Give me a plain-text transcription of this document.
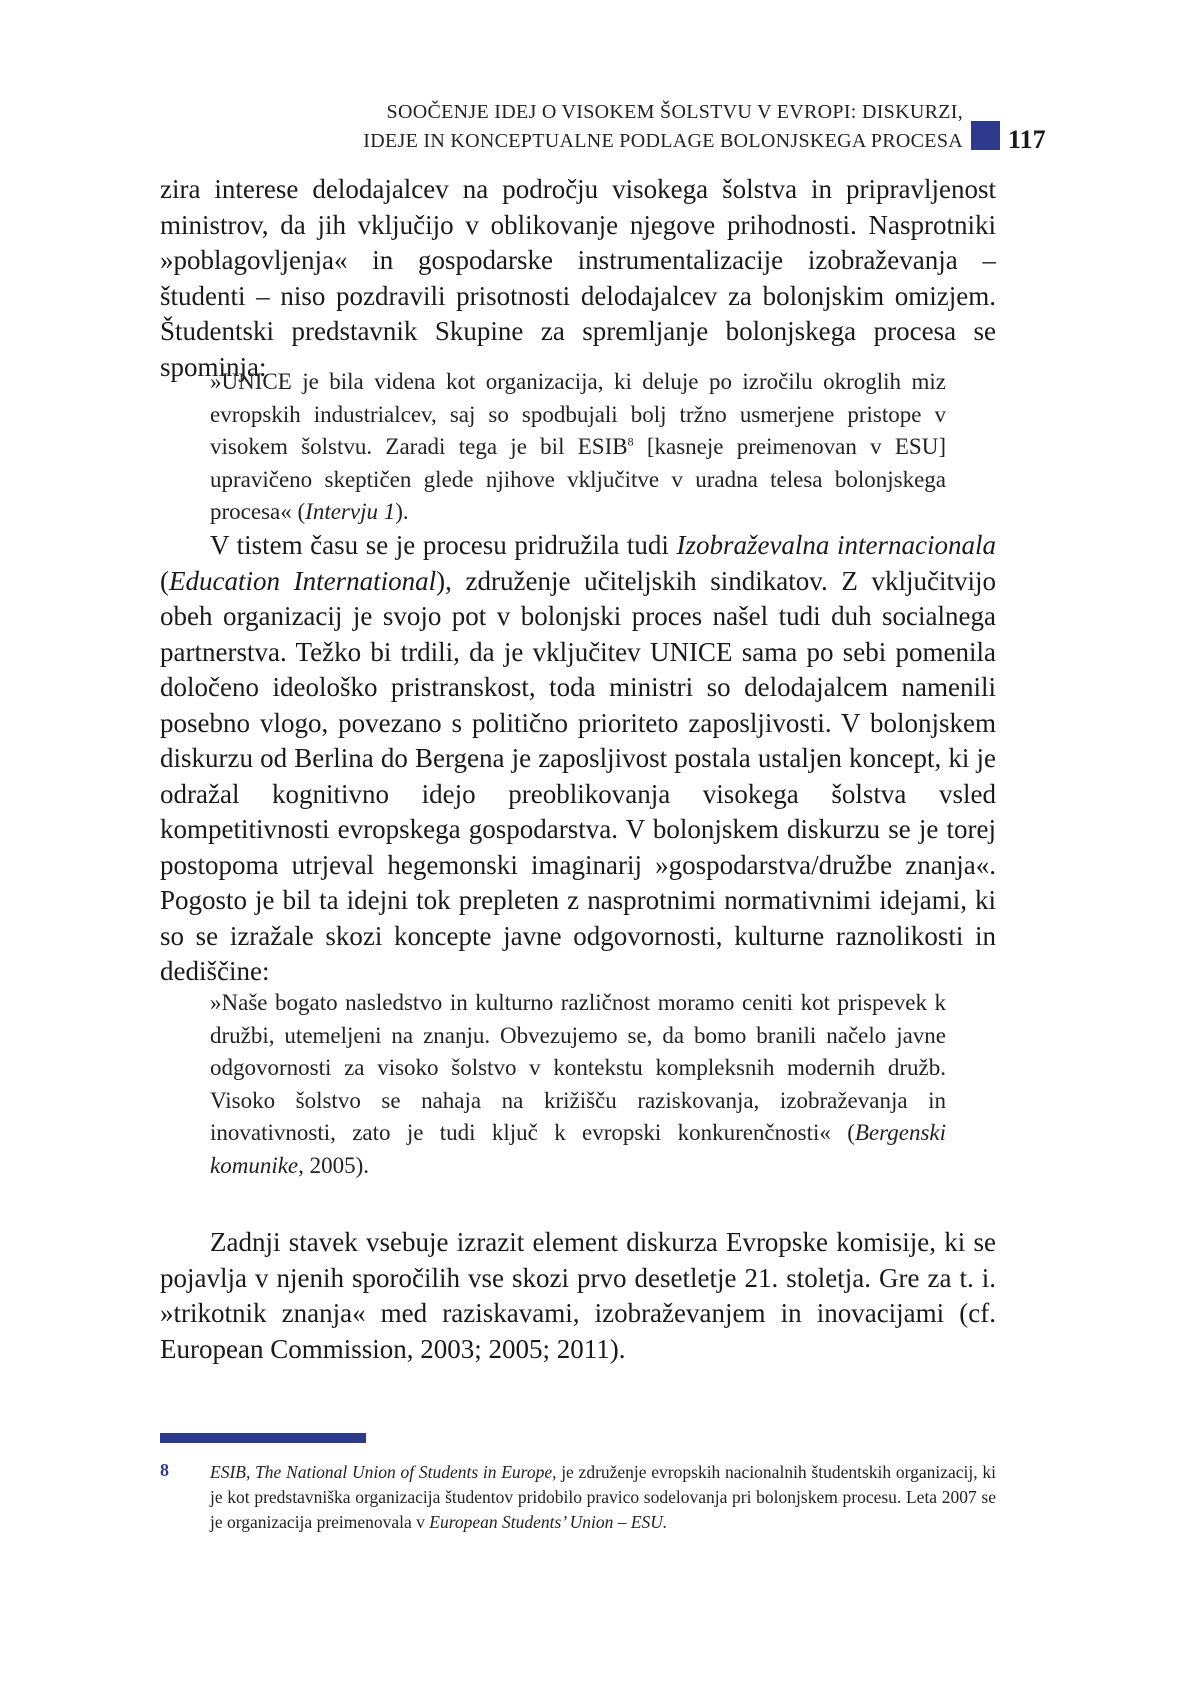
SOOČENJE IDEJ O VISOKEM ŠOLSTVU V EVROPI: DISKURZI,
IDEJE IN KONCEPTUALNE PODLAGE BOLONJSKEGA PROCESA 117

zira interese delodajalcev na področju visokega šolstva in pripravljenost ministrov, da jih vključijo v oblikovanje njegove prihodnosti. Nasprotniki »poblagovljenja« in gospodarske instrumentalizacije izobraževanja – študenti – niso pozdravili prisotnosti delodajalcev za bolonjskim omizjem. Študentski predstavnik Skupine za spremljanje bolonjskega procesa se spominja:

»UNICE je bila videna kot organizacija, ki deluje po izročilu okroglih miz evropskih industrialcev, saj so spodbujali bolj tržno usmerjene pristope v visokem šolstvu. Zaradi tega je bil ESIB$^8$ [kasneje preimenovan v ESU] upravičeno skeptičen glede njihove vključitve v uradna telesa bolonjskega procesa« (Intervju 1).

V tistem času se je procesu pridružila tudi Izobraževalna internacionala (Education International), združenje učiteljskih sindikatov. Z vključitvijo obeh organizacij je svojo pot v bolonjski proces našel tudi duh socialnega partnerstva. Težko bi trdili, da je vključitev UNICE sama po sebi pomenila določeno ideološko pristranskost, toda ministri so delodajalcem namenili posebno vlogo, povezano s politično prioriteto zaposljivosti. V bolonjskem diskurzu od Berlina do Bergena je zaposljivost postala ustaljen koncept, ki je odražal kognitivno idejo preoblikovanja visokega šolstva vsled kompetitivnosti evropskega gospodarstva. V bolonjskem diskurzu se je torej postopoma utrjeval hegemonski imaginarij »gospodarstva/družbe znanja«. Pogosto je bil ta idejni tok prepleten z nasprotnimi normativnimi idejami, ki so se izražale skozi koncepte javne odgovornosti, kulturne raznolikosti in dediščine:

»Naše bogato nasledstvo in kulturno različnost moramo ceniti kot prispevek k družbi, utemeljeni na znanju. Obvezujemo se, da bomo branili načelo javne odgovornosti za visoko šolstvo v kontekstu kompleksnih modernih družb. Visoko šolstvo se nahaja na križišču raziskovanja, izobraževanja in inovativnosti, zato je tudi ključ k evropski konkurenčnosti« (Bergenski komunike, 2005).

Zadnji stavek vsebuje izrazit element diskurza Evropske komisije, ki se pojavlja v njenih sporočilih vse skozi prvo desetletje 21. stoletja. Gre za t. i. »trikotnik znanja« med raziskavami, izobraževanjem in inovacijami (cf. European Commission, 2003; 2005; 2011).

8 ESIB, The National Union of Students in Europe, je združenje evropskih nacionalnih študentskih organizacij, ki je kot predstavniška organizacija študentov pridobilo pravico sodelovanja pri bolonjskem procesu. Leta 2007 se je organizacija preimenovala v European Students’ Union – ESU.
